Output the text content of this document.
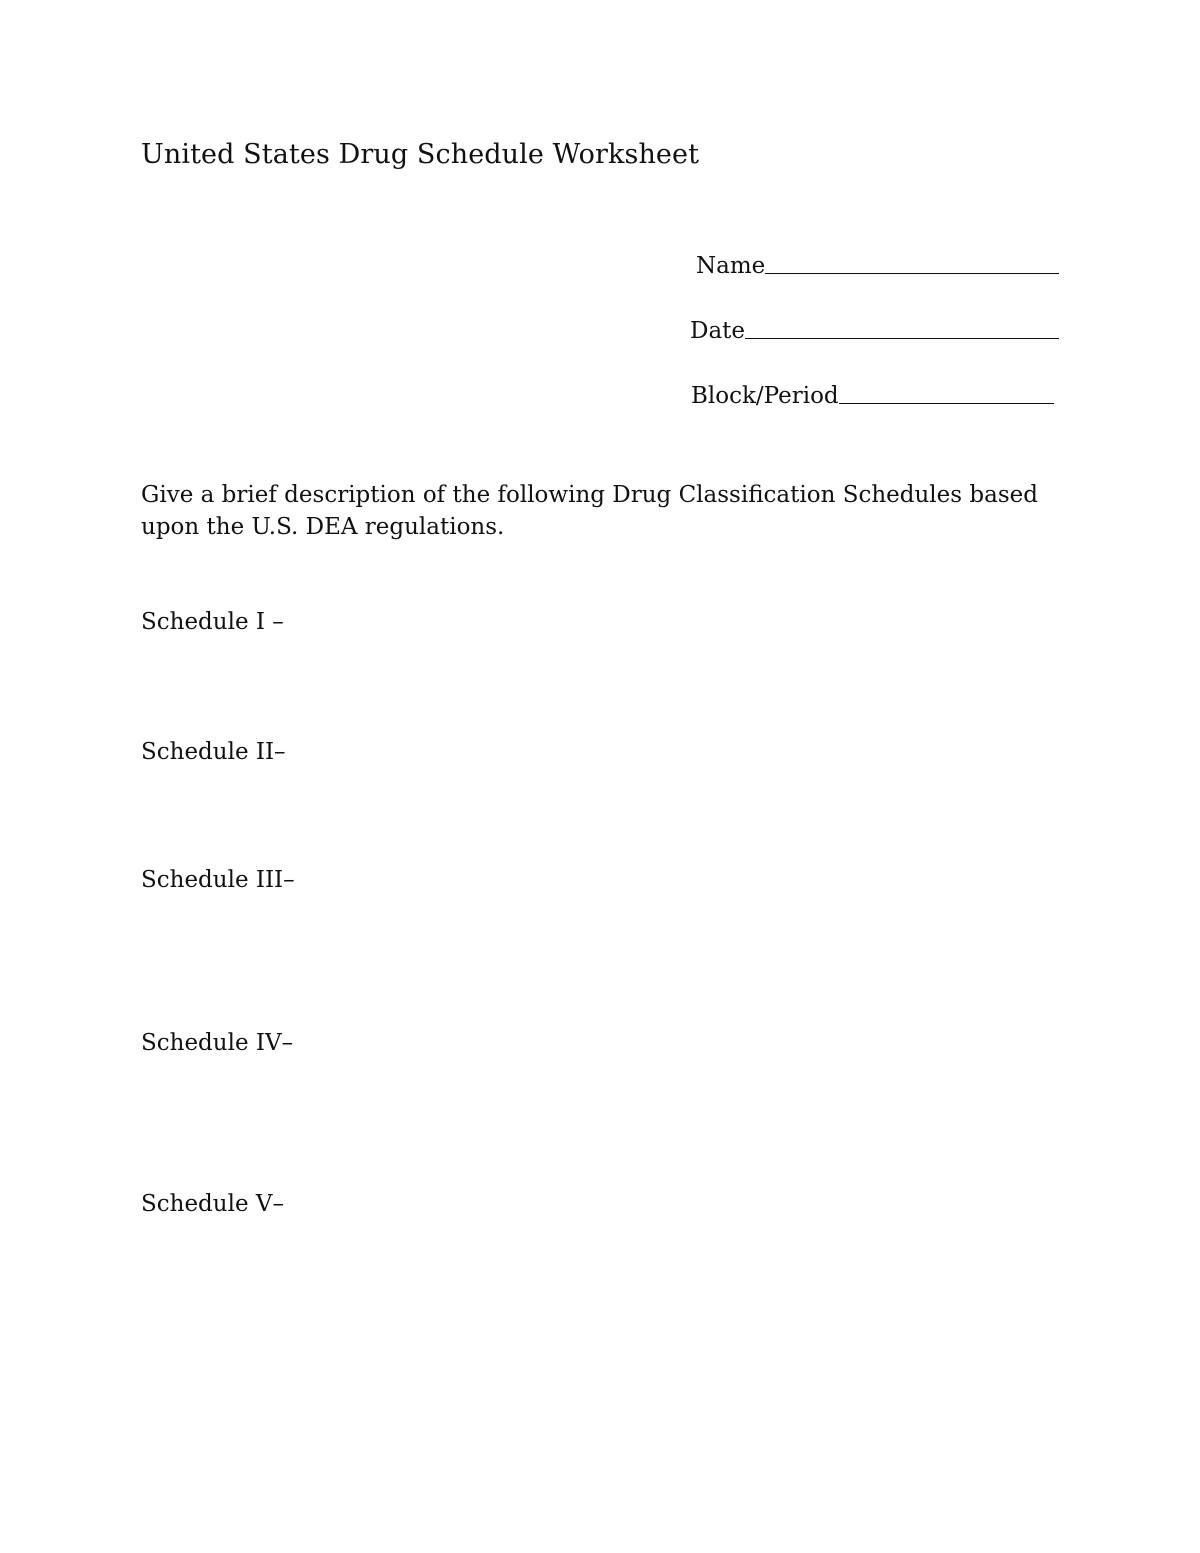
United States Drug Schedule Worksheet
Name
Date
Block/Period
Give a brief description of the following Drug Classification Schedules based upon the U.S. DEA regulations.
Schedule I –
Schedule II–
Schedule III–
Schedule IV–
Schedule V–
